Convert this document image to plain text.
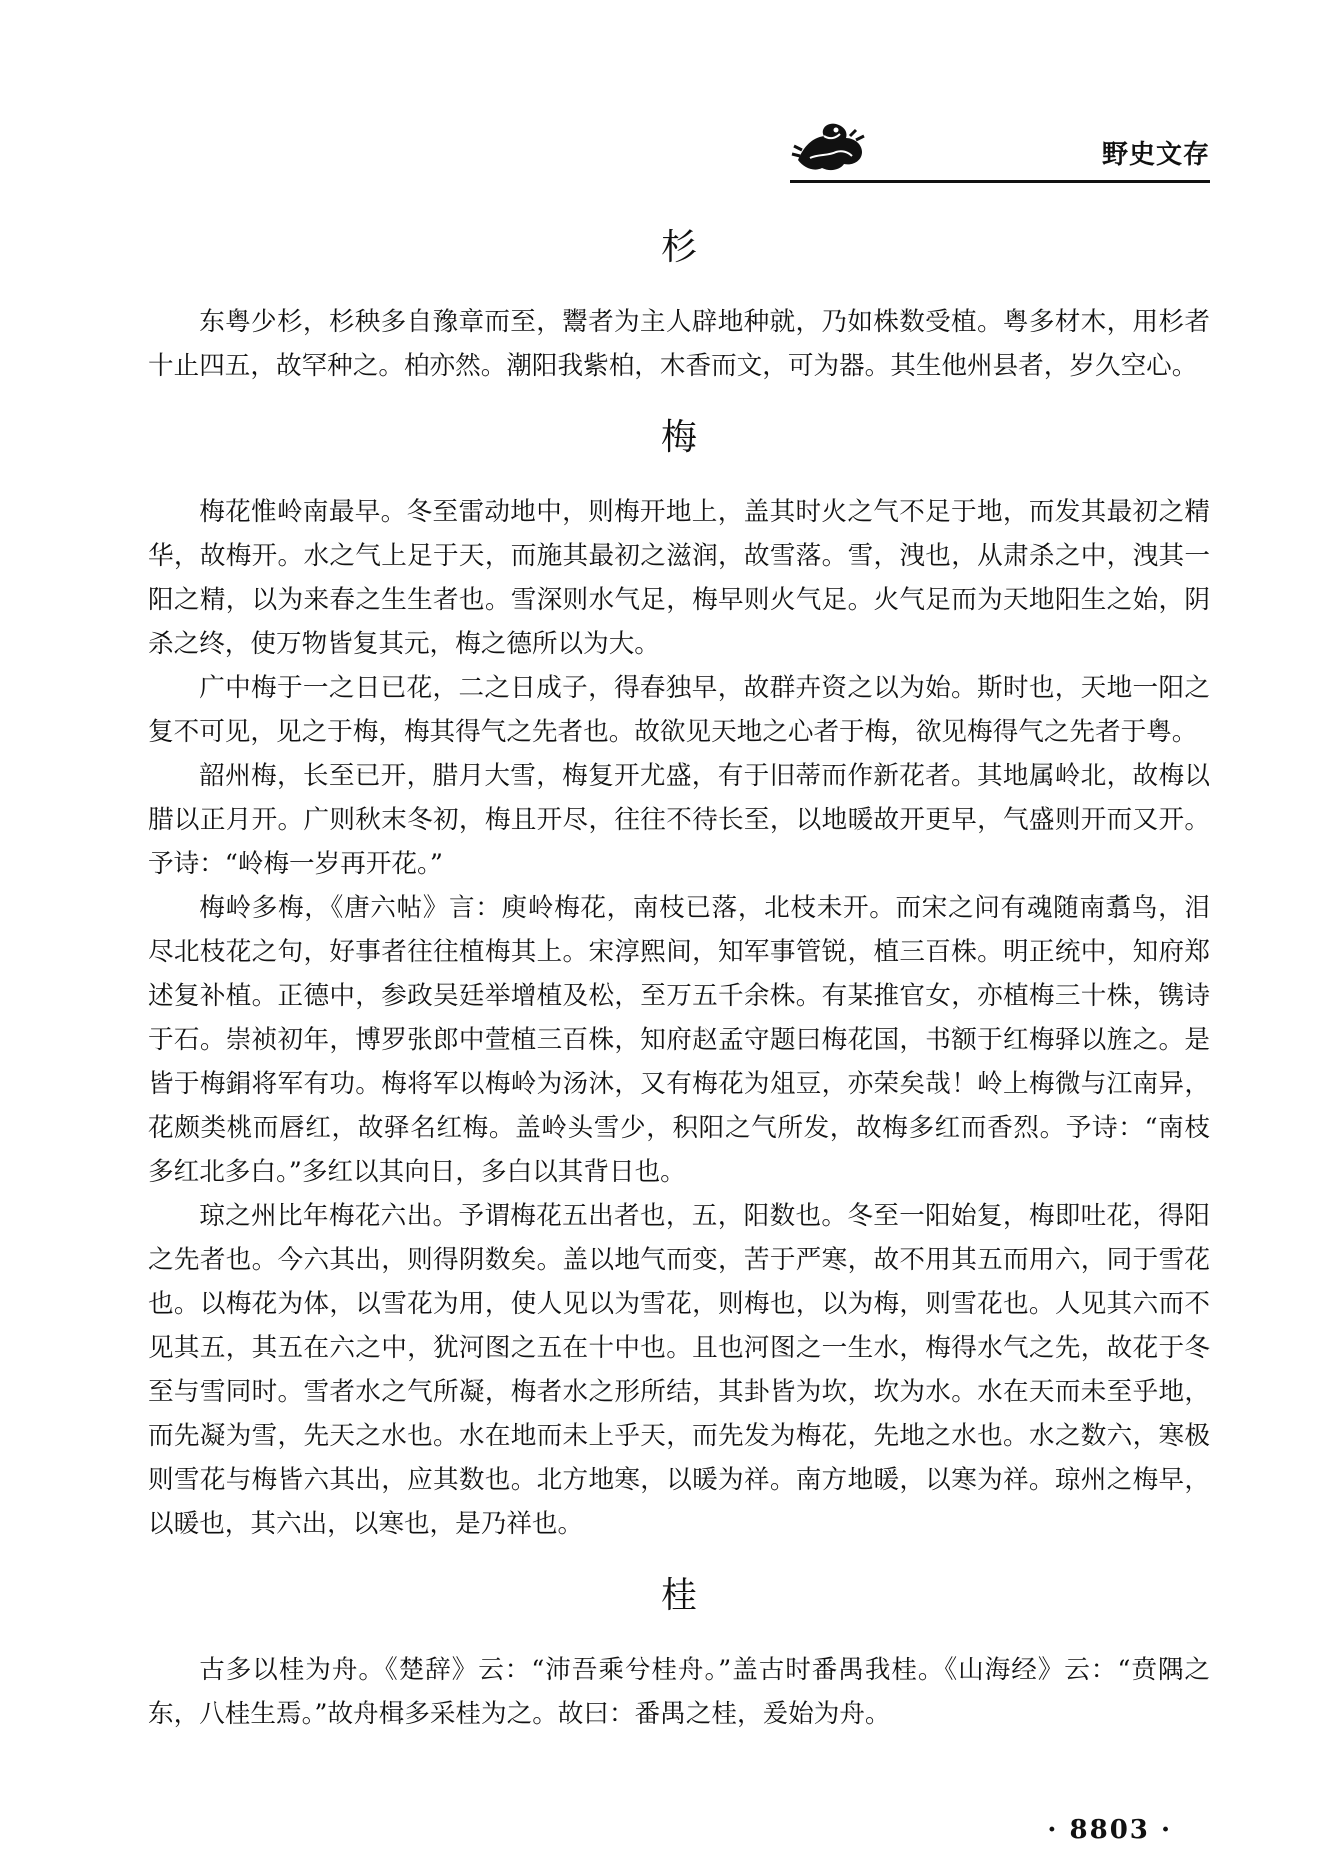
野史文存
杉

东粤少杉，杉秧多自豫章而至，鬻者为主人辟地种就，乃如株数受植。粤多材木，用杉者十止四五，故罕种之。柏亦然。潮阳我紫柏，木香而文，可为器。其生他州县者，岁久空心。

梅

梅花惟岭南最早。冬至雷动地中，则梅开地上，盖其时火之气不足于地，而发其最初之精华，故梅开。水之气上足于天，而施其最初之滋润，故雪落。雪，洩也，从肃杀之中，洩其一阳之精，以为来春之生生者也。雪深则水气足，梅早则火气足。火气足而为天地阳生之始，阴杀之终，使万物皆复其元，梅之德所以为大。

广中梅于一之日已花，二之日成子，得春独早，故群卉资之以为始。斯时也，天地一阳之复不可见，见之于梅，梅其得气之先者也。故欲见天地之心者于梅，欲见梅得气之先者于粤。

韶州梅，长至已开，腊月大雪，梅复开尤盛，有于旧蒂而作新花者。其地属岭北，故梅以腊以正月开。广则秋末冬初，梅且开尽，往往不待长至，以地暖故开更早，气盛则开而又开。予诗：“岭梅一岁再开花。”

梅岭多梅，《唐六帖》言：庾岭梅花，南枝已落，北枝未开。而宋之问有魂随南翥鸟，泪尽北枝花之句，好事者往往植梅其上。宋淳熙间，知军事管锐，植三百株。明正统中，知府郑述复补植。正德中，参政吴廷举增植及松，至万五千余株。有某推官女，亦植梅三十株，镌诗于石。崇祯初年，博罗张郎中萱植三百株，知府赵孟守题曰梅花国，书额于红梅驿以旌之。是皆于梅鋗将军有功。梅将军以梅岭为汤沐，又有梅花为俎豆，亦荣矣哉！岭上梅微与江南异，花颇类桃而唇红，故驿名红梅。盖岭头雪少，积阳之气所发，故梅多红而香烈。予诗：“南枝多红北多白。”多红以其向日，多白以其背日也。

琼之州比年梅花六出。予谓梅花五出者也，五，阳数也。冬至一阳始复，梅即吐花，得阳之先者也。今六其出，则得阴数矣。盖以地气而变，苦于严寒，故不用其五而用六，同于雪花也。以梅花为体，以雪花为用，使人见以为雪花，则梅也，以为梅，则雪花也。人见其六而不见其五，其五在六之中，犹河图之五在十中也。且也河图之一生水，梅得水气之先，故花于冬至与雪同时。雪者水之气所凝，梅者水之形所结，其卦皆为坎，坎为水。水在天而未至乎地，而先凝为雪，先天之水也。水在地而未上乎天，而先发为梅花，先地之水也。水之数六，寒极则雪花与梅皆六其出，应其数也。北方地寒，以暖为祥。南方地暖，以寒为祥。琼州之梅早，以暖也，其六出，以寒也，是乃祥也。

桂

古多以桂为舟。《楚辞》云：“沛吾乘兮桂舟。”盖古时番禺我桂。《山海经》云：“贲隅之东，八桂生焉。”故舟楫多采桂为之。故曰：番禺之桂，爰始为舟。

· 8803 ·
